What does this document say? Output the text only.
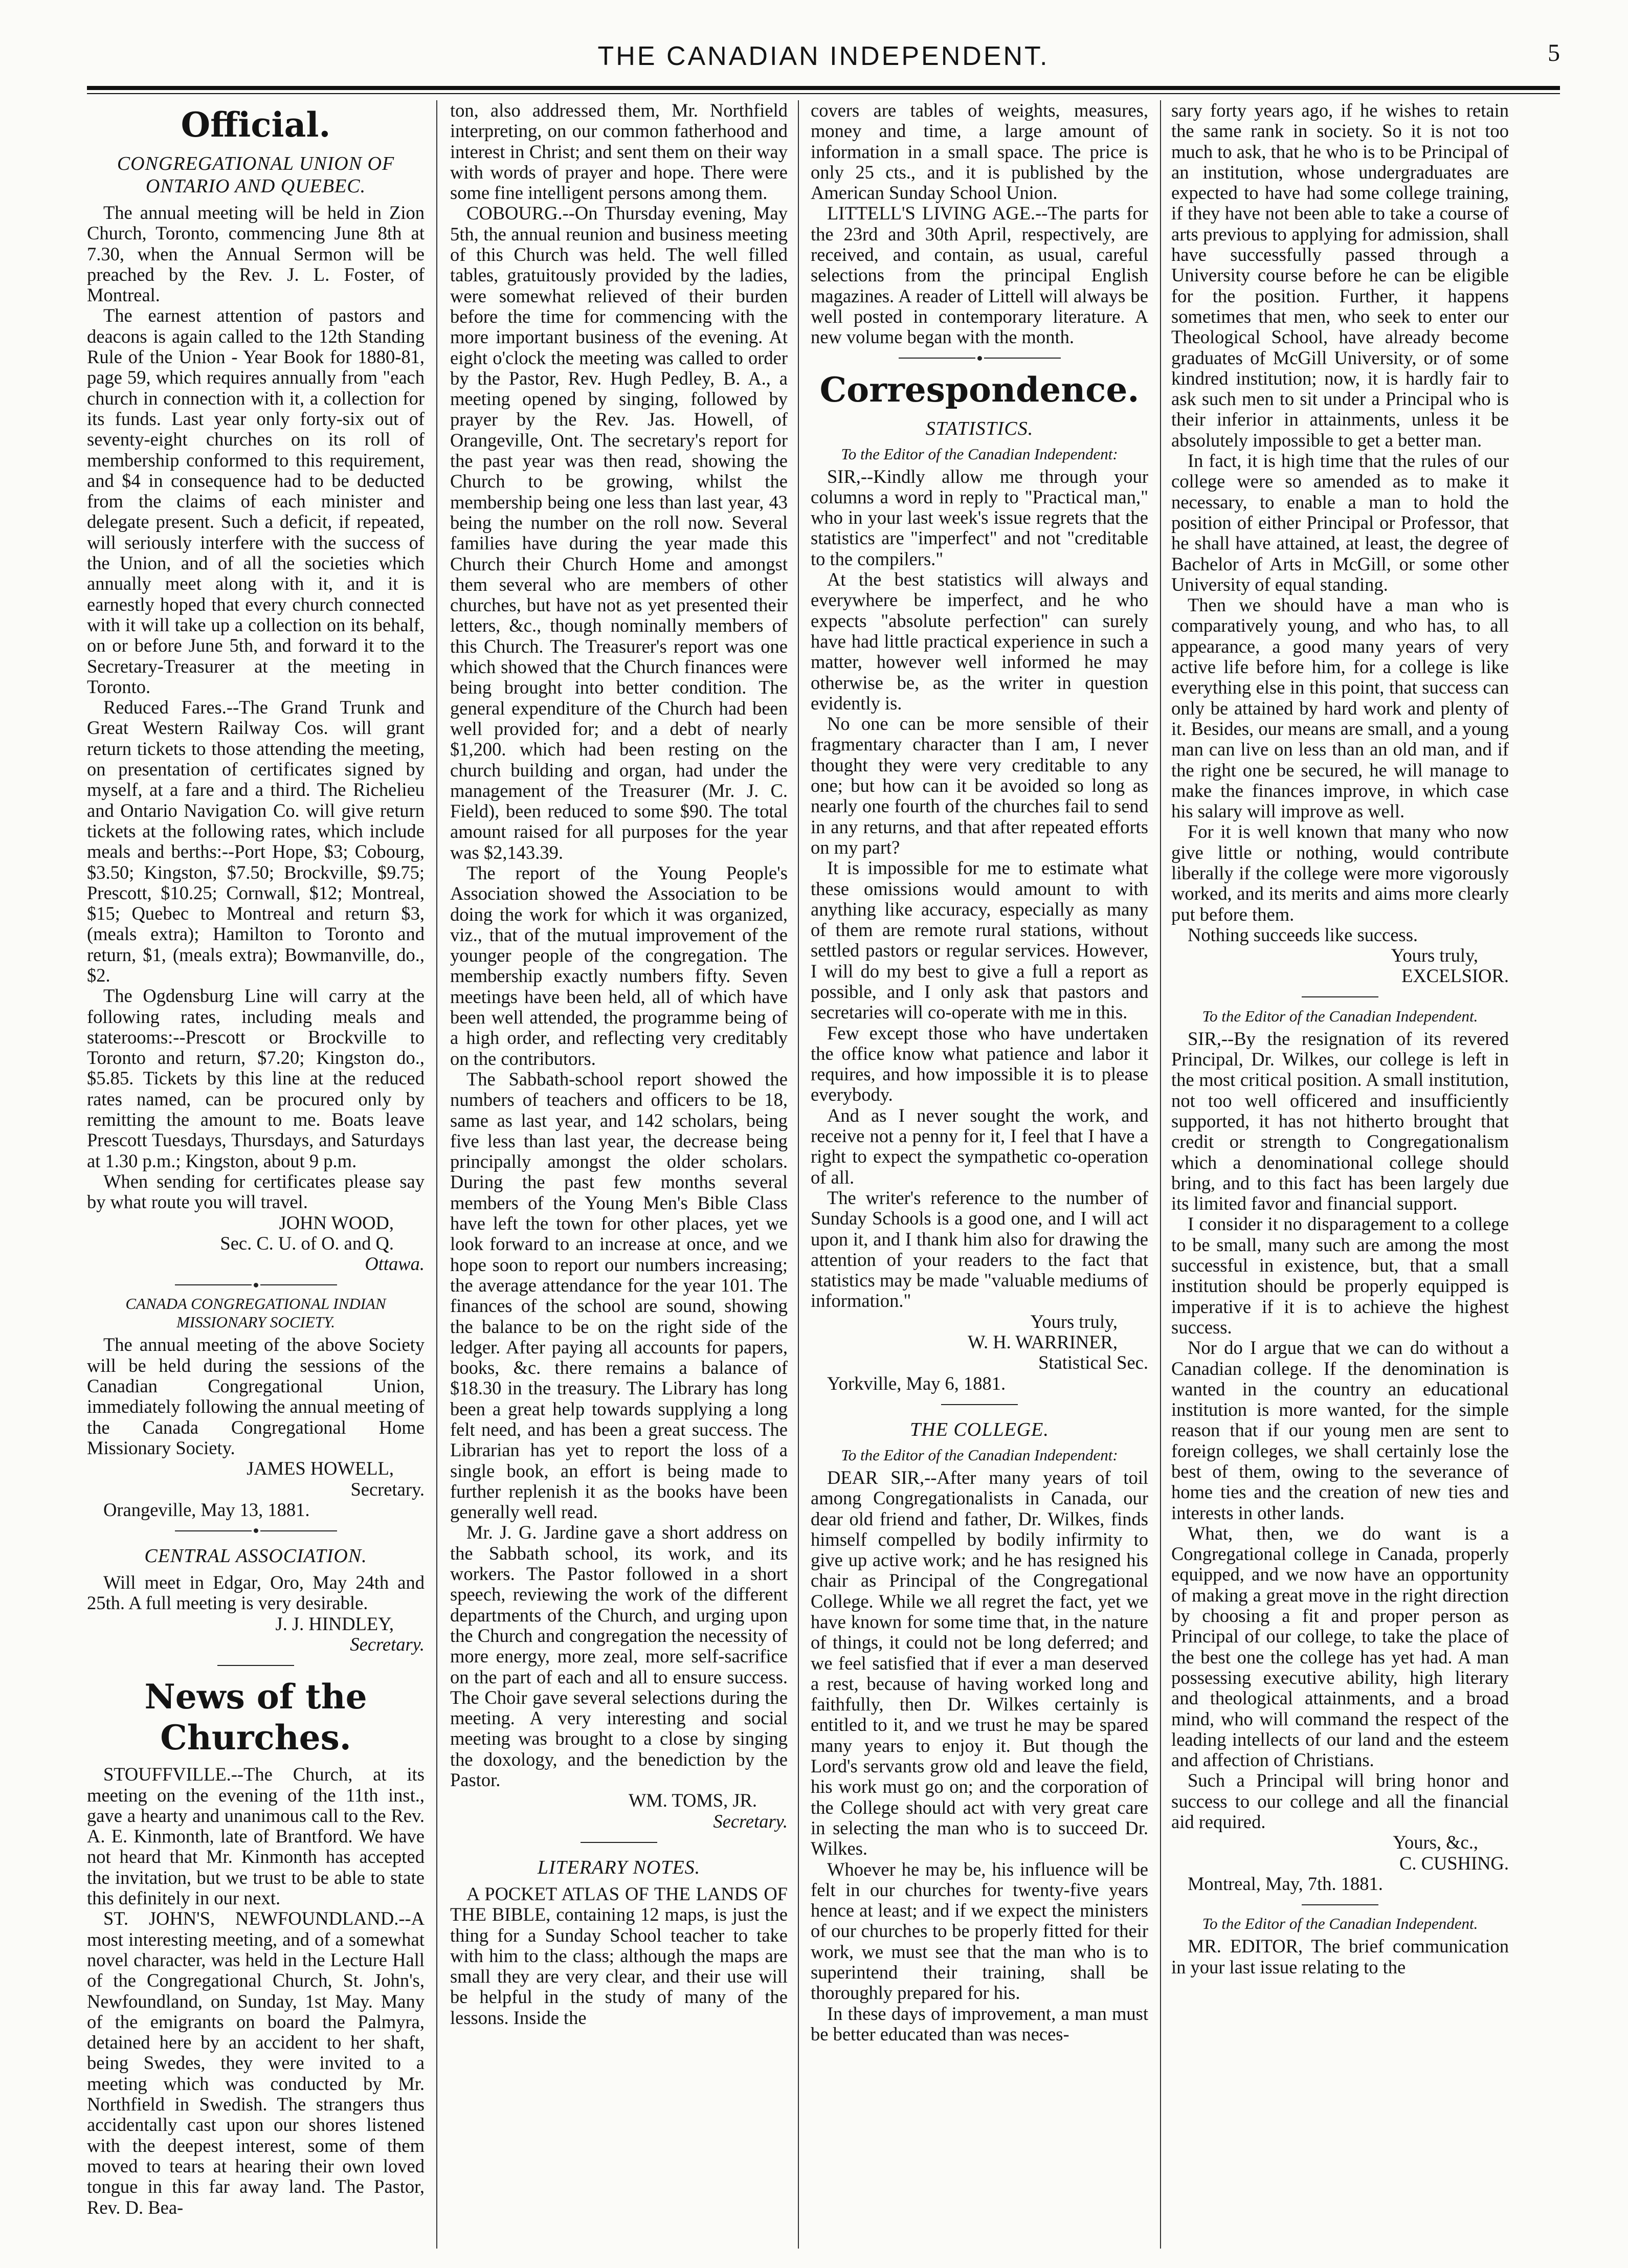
THE CANADIAN INDEPENDENT.	5
Official.

CONGREGATIONAL UNION OF ONTARIO AND QUEBEC.

The annual meeting will be held in Zion Church, Toronto, commencing June 8th at 7.30, when the Annual Sermon will be preached by the Rev. J. L. Foster, of Montreal.

The earnest attention of pastors and deacons is again called to the 12th Standing Rule of the Union - Year Book for 1880-81, page 59, which requires annually from "each church in connection with it, a collection for its funds. Last year only forty-six out of seventy-eight churches on its roll of membership conformed to this requirement, and $4 in consequence had to be deducted from the claims of each minister and delegate present. Such a deficit, if repeated, will seriously interfere with the success of the Union, and of all the societies which annually meet along with it, and it is earnestly hoped that every church connected with it will take up a collection on its behalf, on or before June 5th, and forward it to the Secretary-Treasurer at the meeting in Toronto.

Reduced Fares.--The Grand Trunk and Great Western Railway Cos. will grant return tickets to those attending the meeting, on presentation of certificates signed by myself, at a fare and a third. The Richelieu and Ontario Navigation Co. will give return tickets at the following rates, which include meals and berths:--Port Hope, $3; Cobourg, $3.50; Kingston, $7.50; Brockville, $9.75; Prescott, $10.25; Cornwall, $12; Montreal, $15; Quebec to Montreal and return $3, (meals extra); Hamilton to Toronto and return, $1, (meals extra); Bowmanville, do., $2.

The Ogdensburg Line will carry at the following rates, including meals and staterooms:--Prescott or Brockville to Toronto and return, $7.20; Kingston do., $5.85. Tickets by this line at the reduced rates named, can be procured only by remitting the amount to me. Boats leave Prescott Tuesdays, Thursdays, and Saturdays at 1.30 p.m.; Kingston, about 9 p.m.

When sending for certificates please say by what route you will travel.

JOHN WOOD,

Sec. C. U. of O. and Q.

Ottawa.

CANADA CONGREGATIONAL INDIAN MISSIONARY SOCIETY.

The annual meeting of the above Society will be held during the sessions of the Canadian Congregational Union, immediately following the annual meeting of the Canada Congregational Home Missionary Society.

JAMES HOWELL,

Secretary.

Orangeville, May 13, 1881.

CENTRAL ASSOCIATION.

Will meet in Edgar, Oro, May 24th and 25th. A full meeting is very desirable.

J. J. HINDLEY,

Secretary.

News of the Churches.

STOUFFVILLE.--The Church, at its meeting on the evening of the 11th inst., gave a hearty and unanimous call to the Rev. A. E. Kinmonth, late of Brantford. We have not heard that Mr. Kinmonth has accepted the invitation, but we trust to be able to state this definitely in our next.

ST. JOHN'S, NEWFOUNDLAND.--A most interesting meeting, and of a somewhat novel character, was held in the Lecture Hall of the Congregational Church, St. John's, Newfoundland, on Sunday, 1st May. Many of the emigrants on board the Palmyra, detained here by an accident to her shaft, being Swedes, they were invited to a meeting which was conducted by Mr. Northfield in Swedish. The strangers thus accidentally cast upon our shores listened with the deepest interest, some of them moved to tears at hearing their own loved tongue in this far away land. The Pastor, Rev. D. Bea-

ton, also addressed them, Mr. Northfield interpreting, on our common fatherhood and interest in Christ; and sent them on their way with words of prayer and hope. There were some fine intelligent persons among them.

COBOURG.--On Thursday evening, May 5th, the annual reunion and business meeting of this Church was held. The well filled tables, gratuitously provided by the ladies, were somewhat relieved of their burden before the time for commencing with the more important business of the evening. At eight o'clock the meeting was called to order by the Pastor, Rev. Hugh Pedley, B. A., a meeting opened by singing, followed by prayer by the Rev. Jas. Howell, of Orangeville, Ont. The secretary's report for the past year was then read, showing the Church to be growing, whilst the membership being one less than last year, 43 being the number on the roll now. Several families have during the year made this Church their Church Home and amongst them several who are members of other churches, but have not as yet presented their letters, &c., though nominally members of this Church. The Treasurer's report was one which showed that the Church finances were being brought into better condition. The general expenditure of the Church had been well provided for; and a debt of nearly $1,200. which had been resting on the church building and organ, had under the management of the Treasurer (Mr. J. C. Field), been reduced to some $90. The total amount raised for all purposes for the year was $2,143.39.

The report of the Young People's Association showed the Association to be doing the work for which it was organized, viz., that of the mutual improvement of the younger people of the congregation. The membership exactly numbers fifty. Seven meetings have been held, all of which have been well attended, the programme being of a high order, and reflecting very creditably on the contributors.

The Sabbath-school report showed the numbers of teachers and officers to be 18, same as last year, and 142 scholars, being five less than last year, the decrease being principally amongst the older scholars. During the past few months several members of the Young Men's Bible Class have left the town for other places, yet we look forward to an increase at once, and we hope soon to report our numbers increasing; the average attendance for the year 101. The finances of the school are sound, showing the balance to be on the right side of the ledger. After paying all accounts for papers, books, &c. there remains a balance of $18.30 in the treasury. The Library has long been a great help towards supplying a long felt need, and has been a great success. The Librarian has yet to report the loss of a single book, an effort is being made to further replenish it as the books have been generally well read.

Mr. J. G. Jardine gave a short address on the Sabbath school, its work, and its workers. The Pastor followed in a short speech, reviewing the work of the different departments of the Church, and urging upon the Church and congregation the necessity of more energy, more zeal, more self-sacrifice on the part of each and all to ensure success. The Choir gave several selections during the meeting. A very interesting and social meeting was brought to a close by singing the doxology, and the benediction by the Pastor.

WM. TOMS, JR.

Secretary.

LITERARY NOTES.

A POCKET ATLAS OF THE LANDS OF THE BIBLE, containing 12 maps, is just the thing for a Sunday School teacher to take with him to the class; although the maps are small they are very clear, and their use will be helpful in the study of many of the lessons. Inside the

covers are tables of weights, measures, money and time, a large amount of information in a small space. The price is only 25 cts., and it is published by the American Sunday School Union.

LITTELL'S LIVING AGE.--The parts for the 23rd and 30th April, respectively, are received, and contain, as usual, careful selections from the principal English magazines. A reader of Littell will always be well posted in contemporary literature. A new volume began with the month.

Correspondence.

STATISTICS.

To the Editor of the Canadian Independent:

SIR,--Kindly allow me through your columns a word in reply to "Practical man," who in your last week's issue regrets that the statistics are "imperfect" and not "creditable to the compilers."

At the best statistics will always and everywhere be imperfect, and he who expects "absolute perfection" can surely have had little practical experience in such a matter, however well informed he may otherwise be, as the writer in question evidently is.

No one can be more sensible of their fragmentary character than I am, I never thought they were very creditable to any one; but how can it be avoided so long as nearly one fourth of the churches fail to send in any returns, and that after repeated efforts on my part?

It is impossible for me to estimate what these omissions would amount to with anything like accuracy, especially as many of them are remote rural stations, without settled pastors or regular services. However, I will do my best to give a full a report as possible, and I only ask that pastors and secretaries will co-operate with me in this.

Few except those who have undertaken the office know what patience and labor it requires, and how impossible it is to please everybody.

And as I never sought the work, and receive not a penny for it, I feel that I have a right to expect the sympathetic co-operation of all.

The writer's reference to the number of Sunday Schools is a good one, and I will act upon it, and I thank him also for drawing the attention of your readers to the fact that statistics may be made "valuable mediums of information."

Yours truly,

W. H. WARRINER,

Statistical Sec.

Yorkville, May 6, 1881.

THE COLLEGE.

To the Editor of the Canadian Independent:

DEAR SIR,--After many years of toil among Congregationalists in Canada, our dear old friend and father, Dr. Wilkes, finds himself compelled by bodily infirmity to give up active work; and he has resigned his chair as Principal of the Congregational College. While we all regret the fact, yet we have known for some time that, in the nature of things, it could not be long deferred; and we feel satisfied that if ever a man deserved a rest, because of having worked long and faithfully, then Dr. Wilkes certainly is entitled to it, and we trust he may be spared many years to enjoy it. But though the Lord's servants grow old and leave the field, his work must go on; and the corporation of the College should act with very great care in selecting the man who is to succeed Dr. Wilkes.

Whoever he may be, his influence will be felt in our churches for twenty-five years hence at least; and if we expect the ministers of our churches to be properly fitted for their work, we must see that the man who is to superintend their training, shall be thoroughly prepared for his.

In these days of improvement, a man must be better educated than was neces-

sary forty years ago, if he wishes to retain the same rank in society. So it is not too much to ask, that he who is to be Principal of an institution, whose undergraduates are expected to have had some college training, if they have not been able to take a course of arts previous to applying for admission, shall have successfully passed through a University course before he can be eligible for the position. Further, it happens sometimes that men, who seek to enter our Theological School, have already become graduates of McGill University, or of some kindred institution; now, it is hardly fair to ask such men to sit under a Principal who is their inferior in attainments, unless it be absolutely impossible to get a better man.

In fact, it is high time that the rules of our college were so amended as to make it necessary, to enable a man to hold the position of either Principal or Professor, that he shall have attained, at least, the degree of Bachelor of Arts in McGill, or some other University of equal standing.

Then we should have a man who is comparatively young, and who has, to all appearance, a good many years of very active life before him, for a college is like everything else in this point, that success can only be attained by hard work and plenty of it. Besides, our means are small, and a young man can live on less than an old man, and if the right one be secured, he will manage to make the finances improve, in which case his salary will improve as well.

For it is well known that many who now give little or nothing, would contribute liberally if the college were more vigorously worked, and its merits and aims more clearly put before them.

Nothing succeeds like success.

Yours truly,

EXCELSIOR.

To the Editor of the Canadian Independent.

SIR,--By the resignation of its revered Principal, Dr. Wilkes, our college is left in the most critical position. A small institution, not too well officered and insufficiently supported, it has not hitherto brought that credit or strength to Congregationalism which a denominational college should bring, and to this fact has been largely due its limited favor and financial support.

I consider it no disparagement to a college to be small, many such are among the most successful in existence, but, that a small institution should be properly equipped is imperative if it is to achieve the highest success.

Nor do I argue that we can do without a Canadian college. If the denomination is wanted in the country an educational institution is more wanted, for the simple reason that if our young men are sent to foreign colleges, we shall certainly lose the best of them, owing to the severance of home ties and the creation of new ties and interests in other lands.

What, then, we do want is a Congregational college in Canada, properly equipped, and we now have an opportunity of making a great move in the right direction by choosing a fit and proper person as Principal of our college, to take the place of the best one the college has yet had. A man possessing executive ability, high literary and theological attainments, and a broad mind, who will command the respect of the leading intellects of our land and the esteem and affection of Christians.

Such a Principal will bring honor and success to our college and all the financial aid required.

Yours, &c.,

C. CUSHING.

Montreal, May, 7th. 1881.

To the Editor of the Canadian Independent.

MR. EDITOR, The brief communication in your last issue relating to the
